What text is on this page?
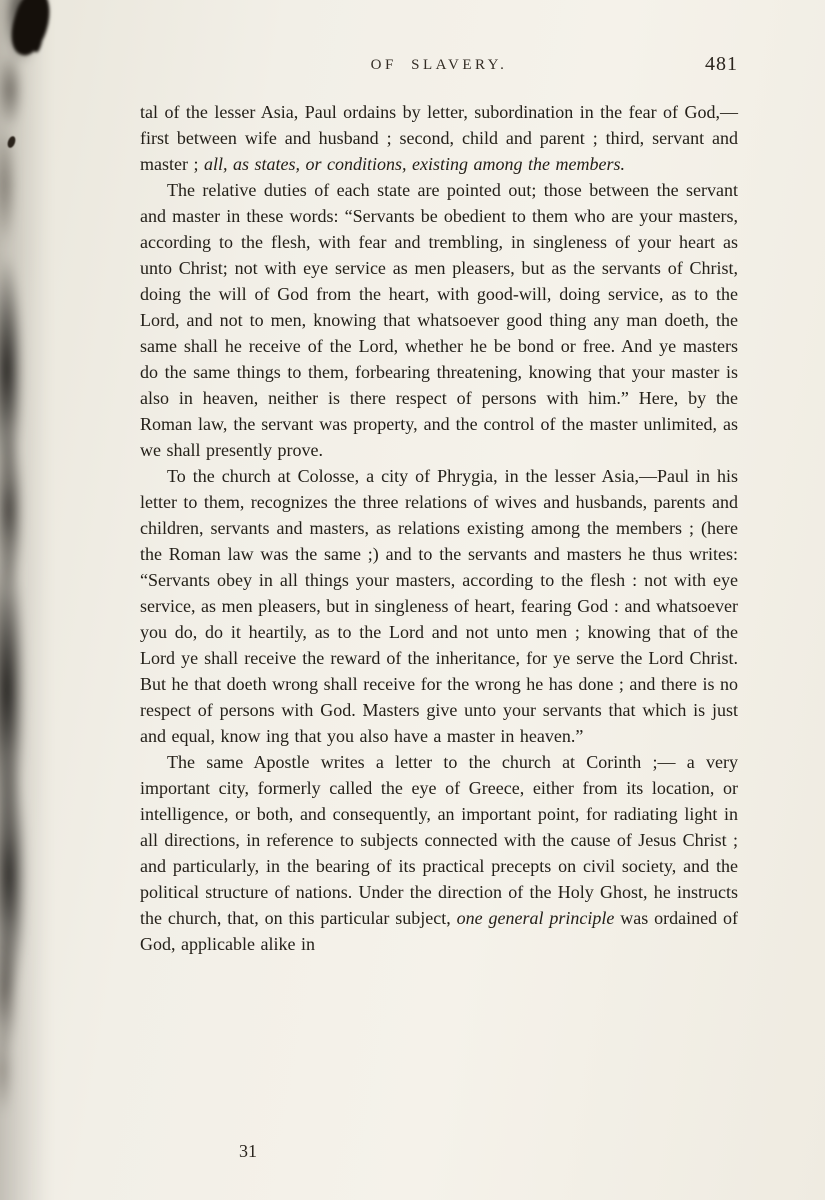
OF SLAVERY.	481

tal of the lesser Asia, Paul ordains by letter, subordination in the fear of God,—first between wife and husband ; second, child and parent ; third, servant and master ; all, as states, or conditions, existing among the members.

The relative duties of each state are pointed out; those between the servant and master in these words: “Servants be obedient to them who are your masters, according to the flesh, with fear and trembling, in singleness of your heart as unto Christ; not with eye service as men pleasers, but as the servants of Christ, doing the will of God from the heart, with good-will, doing service, as to the Lord, and not to men, knowing that whatsoever good thing any man doeth, the same shall he receive of the Lord, whether he be bond or free. And ye masters do the same things to them, forbearing threatening, knowing that your master is also in heaven, neither is there respect of persons with him.” Here, by the Roman law, the servant was property, and the control of the master unlimited, as we shall presently prove.

To the church at Colosse, a city of Phrygia, in the lesser Asia,—Paul in his letter to them, recognizes the three relations of wives and husbands, parents and children, servants and masters, as relations existing among the members ; (here the Roman law was the same ;) and to the servants and masters he thus writes: “Servants obey in all things your masters, according to the flesh : not with eye service, as men pleasers, but in singleness of heart, fearing God : and whatsoever you do, do it heartily, as to the Lord and not unto men ; knowing that of the Lord ye shall receive the reward of the inheritance, for ye serve the Lord Christ. But he that doeth wrong shall receive for the wrong he has done ; and there is no respect of persons with God. Masters give unto your servants that which is just and equal, know ing that you also have a master in heaven.”

The same Apostle writes a letter to the church at Corinth ;— a very important city, formerly called the eye of Greece, either from its location, or intelligence, or both, and consequently, an important point, for radiating light in all directions, in reference to subjects connected with the cause of Jesus Christ ; and particularly, in the bearing of its practical precepts on civil society, and the political structure of nations. Under the direction of the Holy Ghost, he instructs the church, that, on this particular subject, one general principle was ordained of God, applicable alike in

31
